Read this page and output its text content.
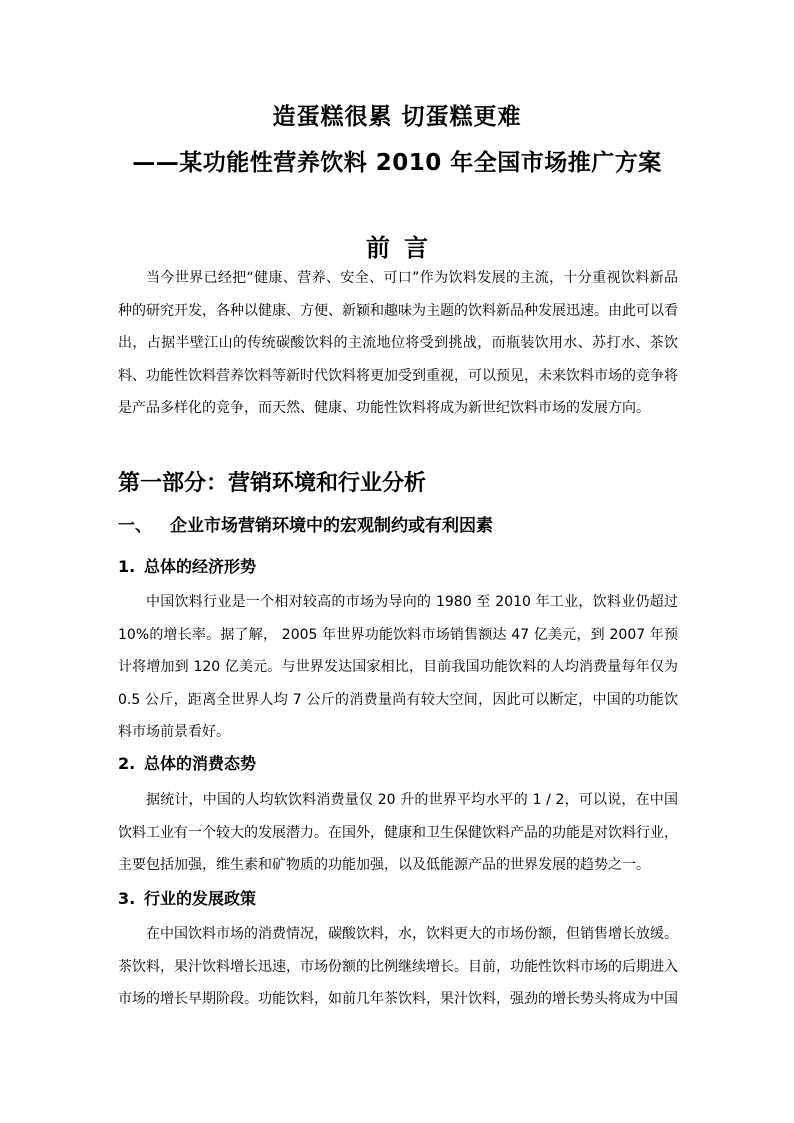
造蛋糕很累 切蛋糕更难
——某功能性营养饮料 2010 年全国市场推广方案
前言

当今世界已经把“健康、营养、安全、可口”作为饮料发展的主流，十分重视饮料新品种的研究开发，各种以健康、方便、新颖和趣味为主题的饮料新品种发展迅速。由此可以看出，占据半壁江山的传统碳酸饮料的主流地位将受到挑战，而瓶装饮用水、苏打水、茶饮料、功能性饮料营养饮料等新时代饮料将更加受到重视，可以预见，未来饮料市场的竞争将是产品多样化的竞争，而天然、健康、功能性饮料将成为新世纪饮料市场的发展方向。

第一部分：营销环境和行业分析
一、 企业市场营销环境中的宏观制约或有利因素
1. 总体的经济形势

中国饮料行业是一个相对较高的市场为导向的 1980 至 2010 年工业，饮料业仍超过 10%的增长率。据了解， 2005 年世界功能饮料市场销售额达 47 亿美元，到 2007 年预计将增加到 120 亿美元。与世界发达国家相比，目前我国功能饮料的人均消费量每年仅为 0.5 公斤，距离全世界人均 7 公斤的消费量尚有较大空间，因此可以断定，中国的功能饮料市场前景看好。

2. 总体的消费态势

据统计，中国的人均软饮料消费量仅 20 升的世界平均水平的 1 / 2，可以说，在中国饮料工业有一个较大的发展潜力。在国外，健康和卫生保健饮料产品的功能是对饮料行业，主要包括加强，维生素和矿物质的功能加强，以及低能源产品的世界发展的趋势之一。

3. 行业的发展政策

在中国饮料市场的消费情况，碳酸饮料，水，饮料更大的市场份额，但销售增长放缓。茶饮料，果汁饮料增长迅速，市场份额的比例继续增长。目前，功能性饮料市场的后期进入市场的增长早期阶段。功能饮料，如前几年茶饮料，果汁饮料，强劲的增长势头将成为中国
